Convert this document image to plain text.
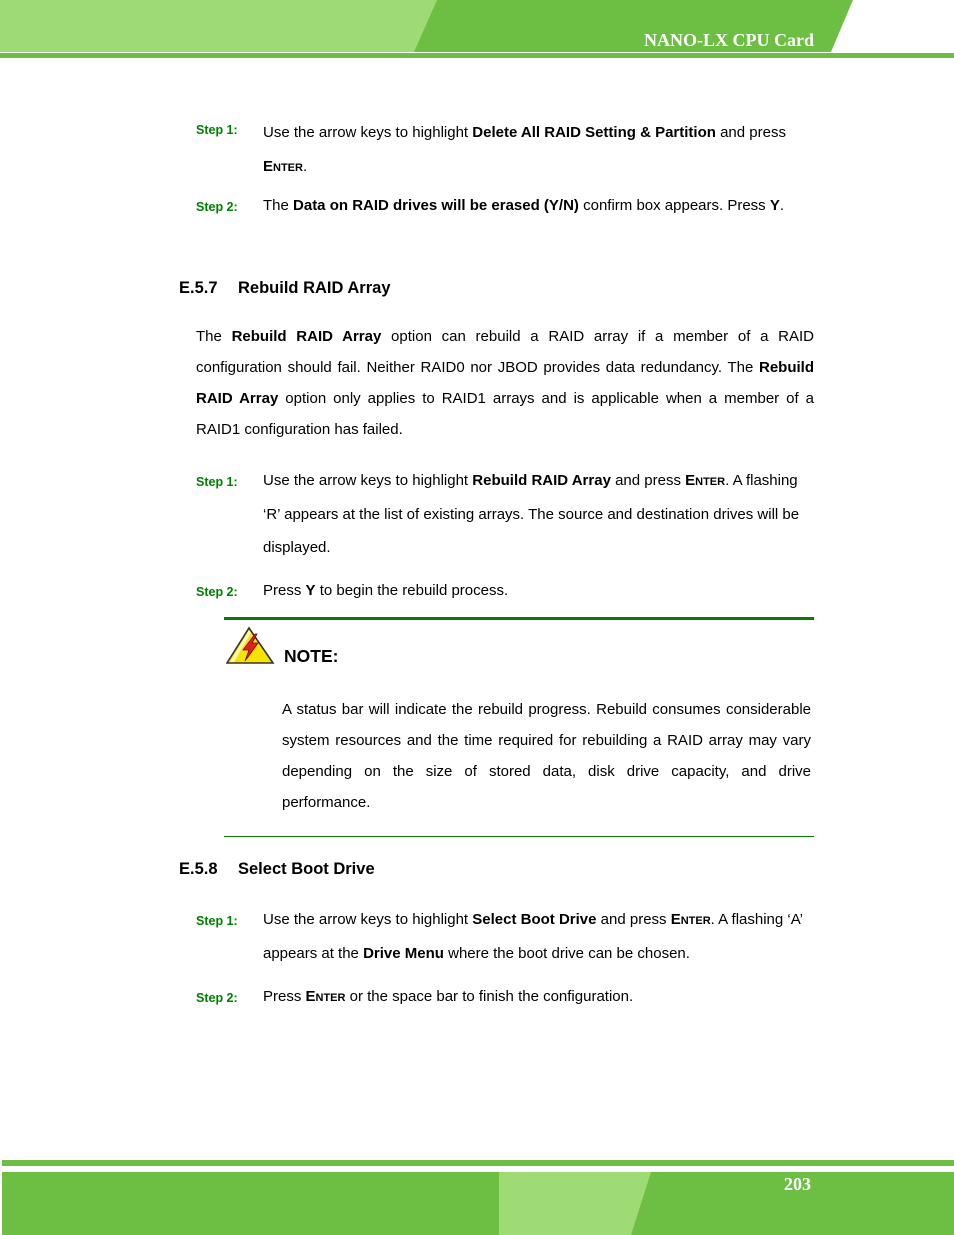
NANO-LX CPU Card
Step 1: Use the arrow keys to highlight Delete All RAID Setting & Partition and press
Enter.
Step 2: The Data on RAID drives will be erased (Y/N) confirm box appears. Press Y.
E.5.7 Rebuild RAID Array
The Rebuild RAID Array option can rebuild a RAID array if a member of a RAID configuration should fail. Neither RAID0 nor JBOD provides data redundancy. The Rebuild RAID Array option only applies to RAID1 arrays and is applicable when a member of a RAID1 configuration has failed.
Step 1: Use the arrow keys to highlight Rebuild RAID Array and press Enter. A flashing ‘R’ appears at the list of existing arrays. The source and destination drives will be displayed.
Step 2: Press Y to begin the rebuild process.
NOTE:
A status bar will indicate the rebuild progress. Rebuild consumes considerable system resources and the time required for rebuilding a RAID array may vary depending on the size of stored data, disk drive capacity, and drive performance.
E.5.8 Select Boot Drive
Step 1: Use the arrow keys to highlight Select Boot Drive and press Enter. A flashing ‘A’ appears at the Drive Menu where the boot drive can be chosen.
Step 2: Press Enter or the space bar to finish the configuration.
203
